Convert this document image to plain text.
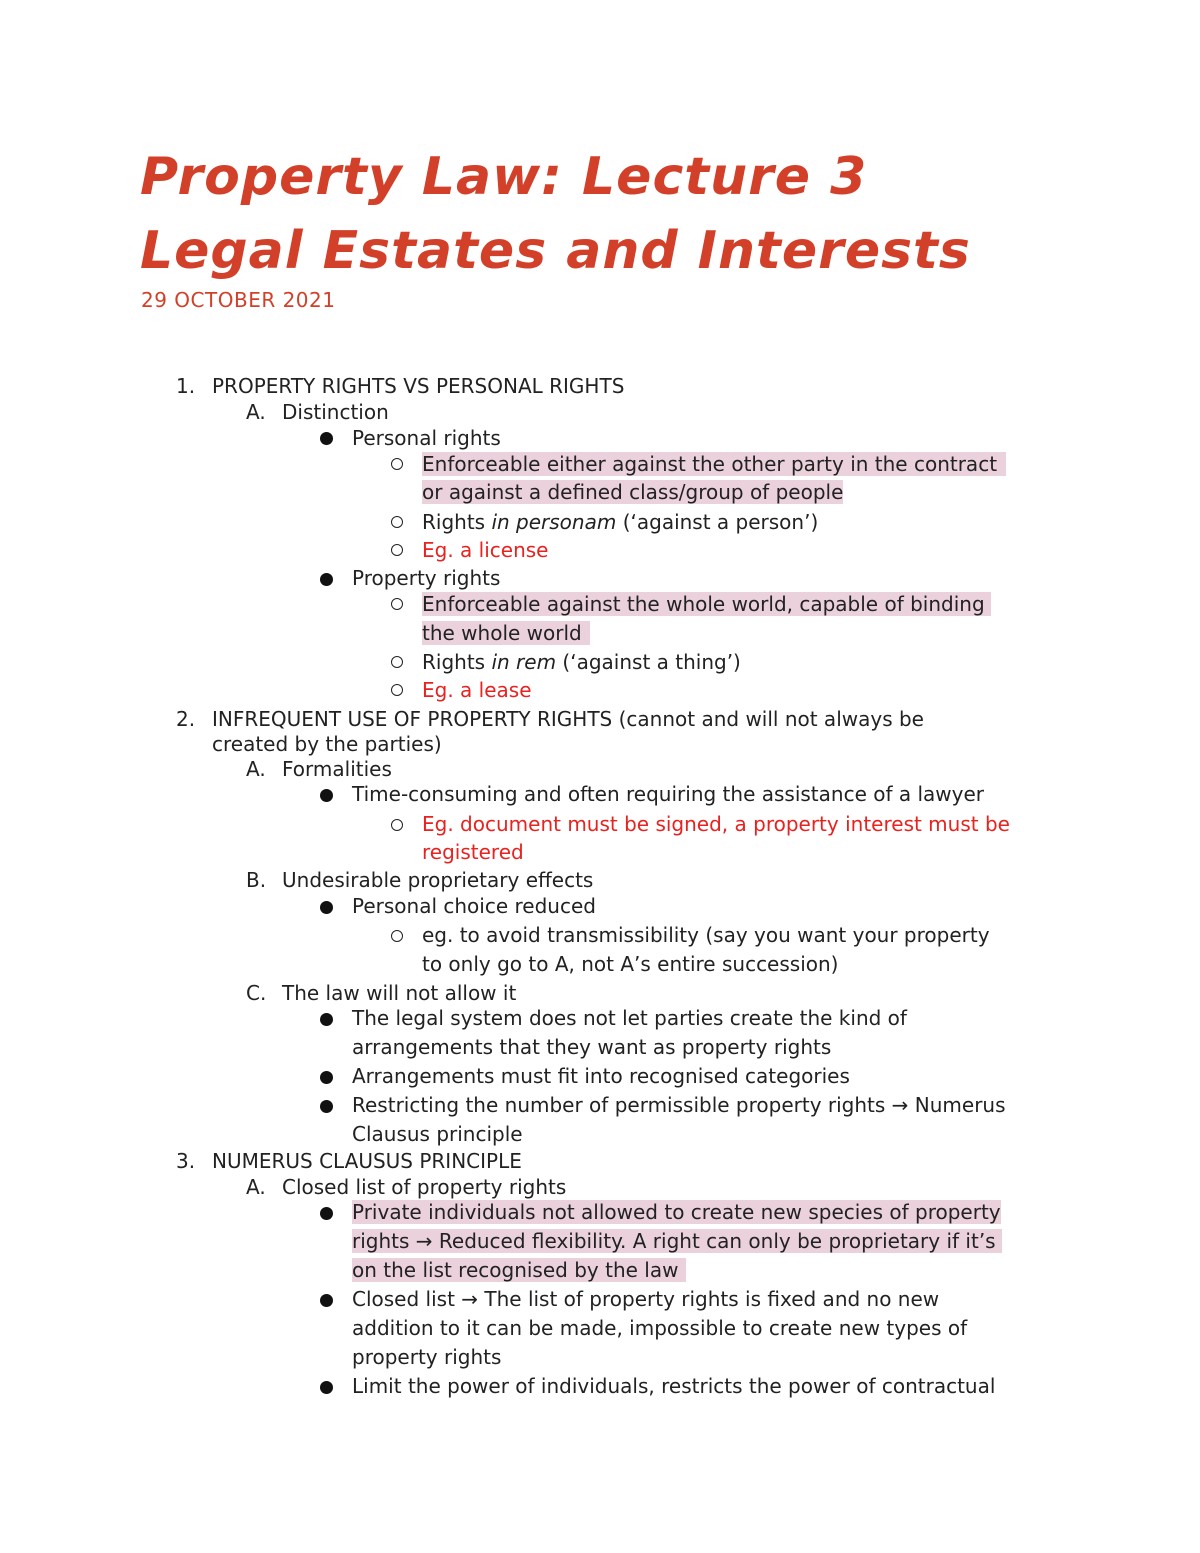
Property Law: Lecture 3
Legal Estates and Interests
29 OCTOBER 2021
1. PROPERTY RIGHTS VS PERSONAL RIGHTS
A. Distinction
Personal rights
Enforceable either against the other party in the contract
or against a defined class/group of people
Rights in personam (‘against a person’)
Eg. a license
Property rights
Enforceable against the whole world, capable of binding
the whole world
Rights in rem (‘against a thing’)
Eg. a lease
2. INFREQUENT USE OF PROPERTY RIGHTS (cannot and will not always be
created by the parties)
A. Formalities
Time-consuming and often requiring the assistance of a lawyer
Eg. document must be signed, a property interest must be
registered
B. Undesirable proprietary effects
Personal choice reduced
eg. to avoid transmissibility (say you want your property
to only go to A, not A’s entire succession)
C. The law will not allow it
The legal system does not let parties create the kind of
arrangements that they want as property rights
Arrangements must fit into recognised categories
Restricting the number of permissible property rights → Numerus
Clausus principle
3. NUMERUS CLAUSUS PRINCIPLE
A. Closed list of property rights
Private individuals not allowed to create new species of property
rights → Reduced flexibility. A right can only be proprietary if it’s
on the list recognised by the law
Closed list → The list of property rights is fixed and no new
addition to it can be made, impossible to create new types of
property rights
Limit the power of individuals, restricts the power of contractual
